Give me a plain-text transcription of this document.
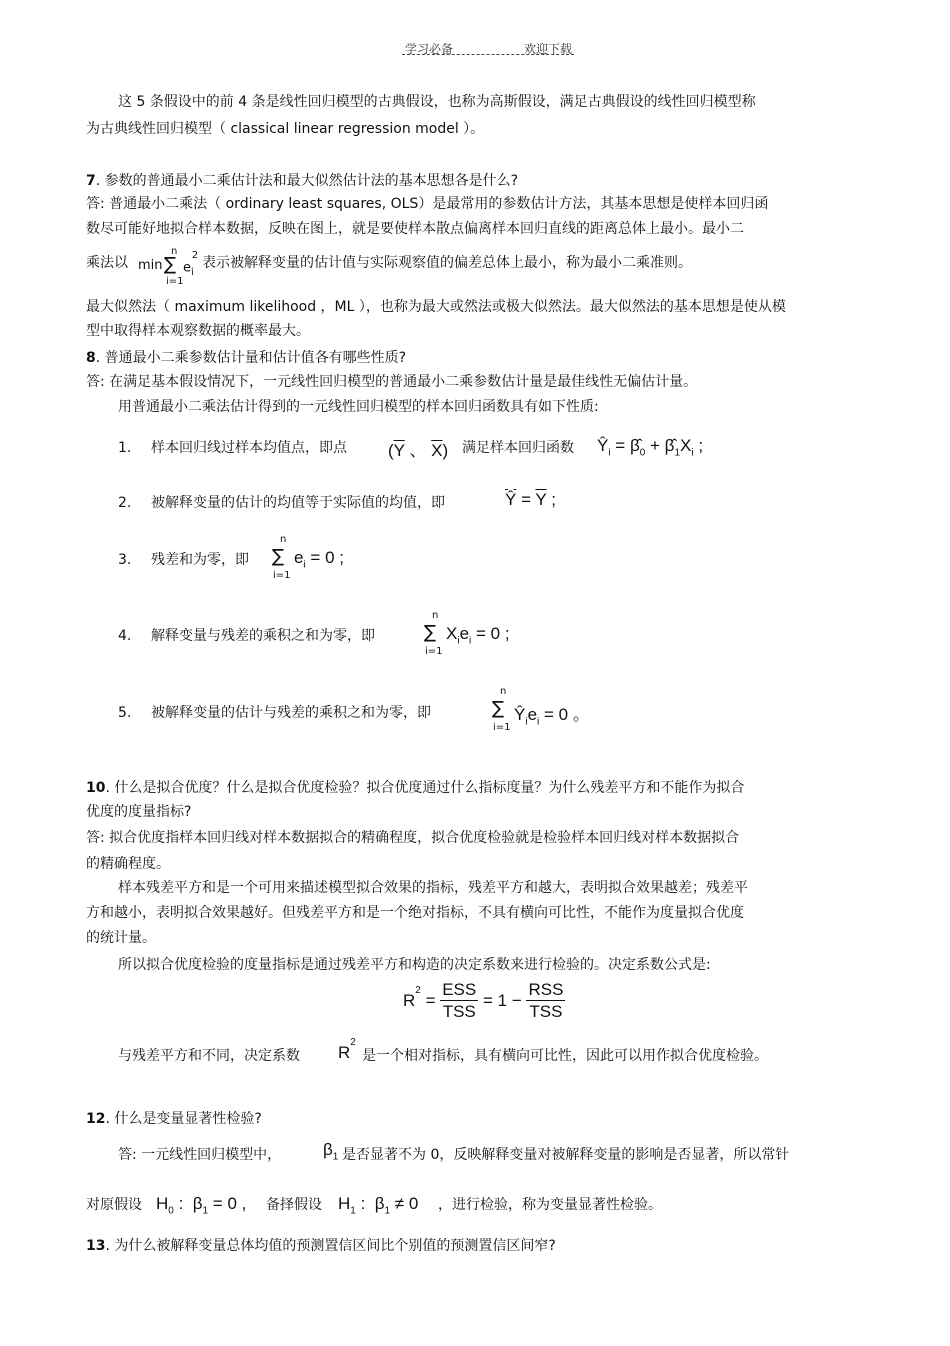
学习必备	欢迎下载
这 5 条假设中的前 4 条是线性回归模型的古典假设，也称为高斯假设，满足古典假设的线性回归模型称
为古典线性回归模型（ classical linear regression model ）。
7. 参数的普通最小二乘估计法和最大似然估计法的基本思想各是什么?
答: 普通最小二乘法（ ordinary least squares, OLS）是最常用的参数估计方法，其基本思想是使样本回归函
数尽可能好地拟合样本数据，反映在图上，就是要使样本散点偏离样本回归直线的距离总体上最小。最小二
乘法以 min
n
∑
i=1
$e_i^2$ 表示被解释变量的估计值与实际观察值的偏差总体上最小，称为最小二乘准则。
最大似然法（ maximum likelihood ，ML ），也称为最大或然法或极大似然法。最大似然法的基本思想是使从模
型中取得样本观察数据的概率最大。
8. 普通最小二乘参数估计量和估计值各有哪些性质?
答: 在满足基本假设情况下，一元线性回归模型的普通最小二乘参数估计量是最佳线性无偏估计量。
用普通最小二乘法估计得到的一元线性回归模型的样本回归函数具有如下性质:
1. 样本回归线过样本均值点，即点 ($\overline{Y}$ 、 $\overline{X}$) 满足样本回归函数 $Ŷ_i$ = $\betâ_0$ + $\betâ_1X_i$ ;
2. 被解释变量的估计的均值等于实际值的均值，即	$\overline{Ŷ} = \overline{Y}$ ;
3. 残差和为零，即
n
∑
i=1
$e_i = 0$ ;
4. 解释变量与残差的乘积之和为零，即
n
∑
i=1
$X_ie_i = 0$ ;
5. 被解释变量的估计与残差的乘积之和为零，即
n
∑
i=1
$Ŷ_ie_i = 0$ 。
10. 什么是拟合优度？什么是拟合优度检验？拟合优度通过什么指标度量？为什么残差平方和不能作为拟合
优度的度量指标?
答: 拟合优度指样本回归线对样本数据拟合的精确程度，拟合优度检验就是检验样本回归线对样本数据拟合
的精确程度。
样本残差平方和是一个可用来描述模型拟合效果的指标，残差平方和越大，表明拟合效果越差；残差平
方和越小，表明拟合效果越好。但残差平方和是一个绝对指标，不具有横向可比性，不能作为度量拟合优度
的统计量。
所以拟合优度检验的度量指标是通过残差平方和构造的决定系数来进行检验的。决定系数公式是:
$R^2 = \frac{\text{ESS}}{\text{TSS}} = 1 - \frac{\text{RSS}}{\text{TSS}}$
与残差平方和不同，决定系数 $R^2$
是一个相对指标，具有横向可比性，因此可以用作拟合优度检验。
12. 什么是变量显著性检验?
答: 一元线性回归模型中， $\beta_1$ 是否显著不为 0，反映解释变量对被解释变量的影响是否显著，所以常针
对原假设 $H_0$ :  $\beta_1 = 0$ , 备择假设 $H_1$ :  $\beta_1 \ne 0$ ，进行检验，称为变量显著性检验。
13. 为什么被解释变量总体均值的预测置信区间比个别值的预测置信区间窄?
